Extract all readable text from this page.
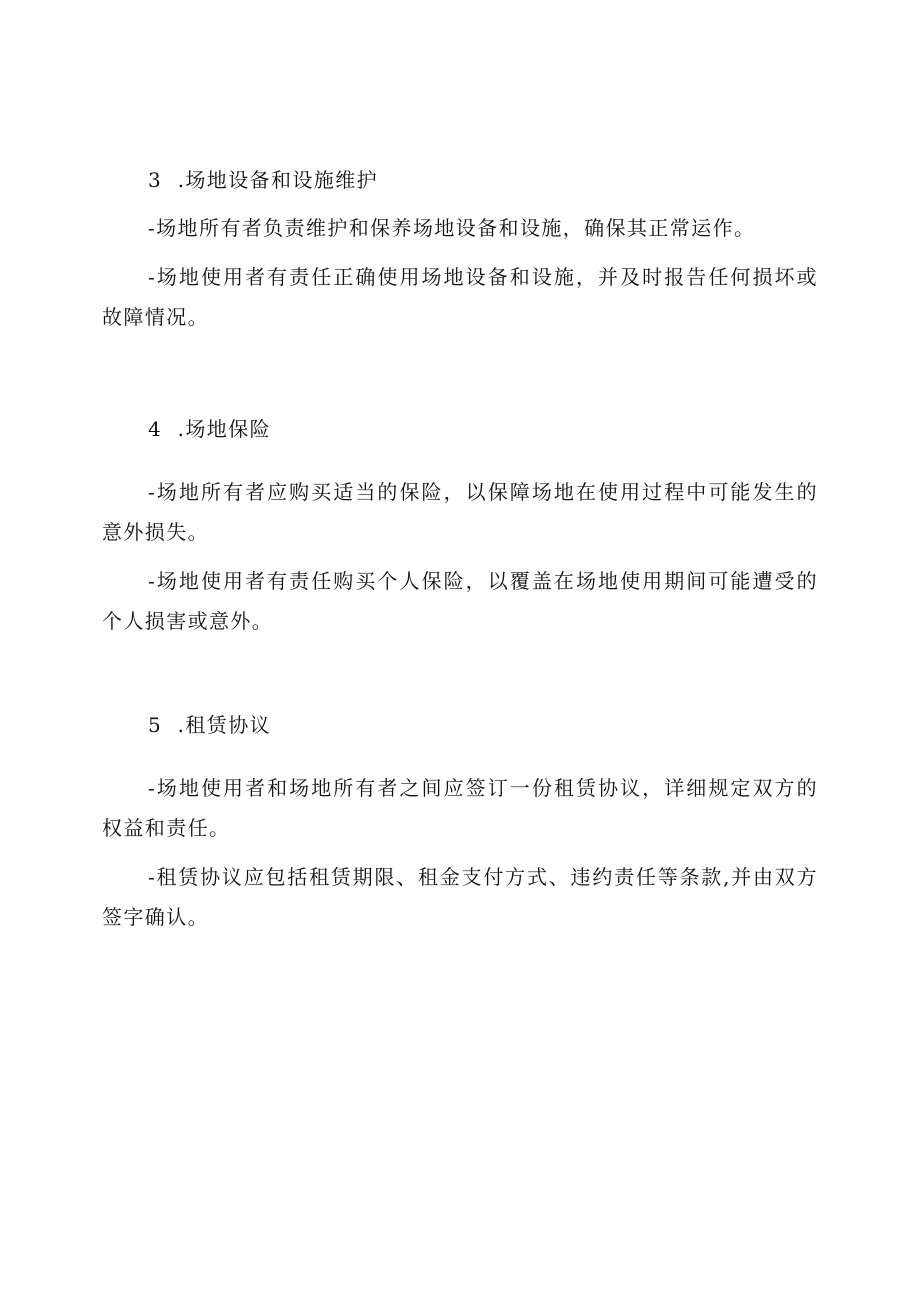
3  .场地设备和设施维护

-场地所有者负责维护和保养场地设备和设施，确保其正常运作。

-场地使用者有责任正确使用场地设备和设施，并及时报告任何损坏或故障情况。

4  .场地保险

-场地所有者应购买适当的保险，以保障场地在使用过程中可能发生的意外损失。

-场地使用者有责任购买个人保险，以覆盖在场地使用期间可能遭受的个人损害或意外。

5  .租赁协议

-场地使用者和场地所有者之间应签订一份租赁协议，详细规定双方的权益和责任。

-租赁协议应包括租赁期限、租金支付方式、违约责任等条款,并由双方签字确认。
